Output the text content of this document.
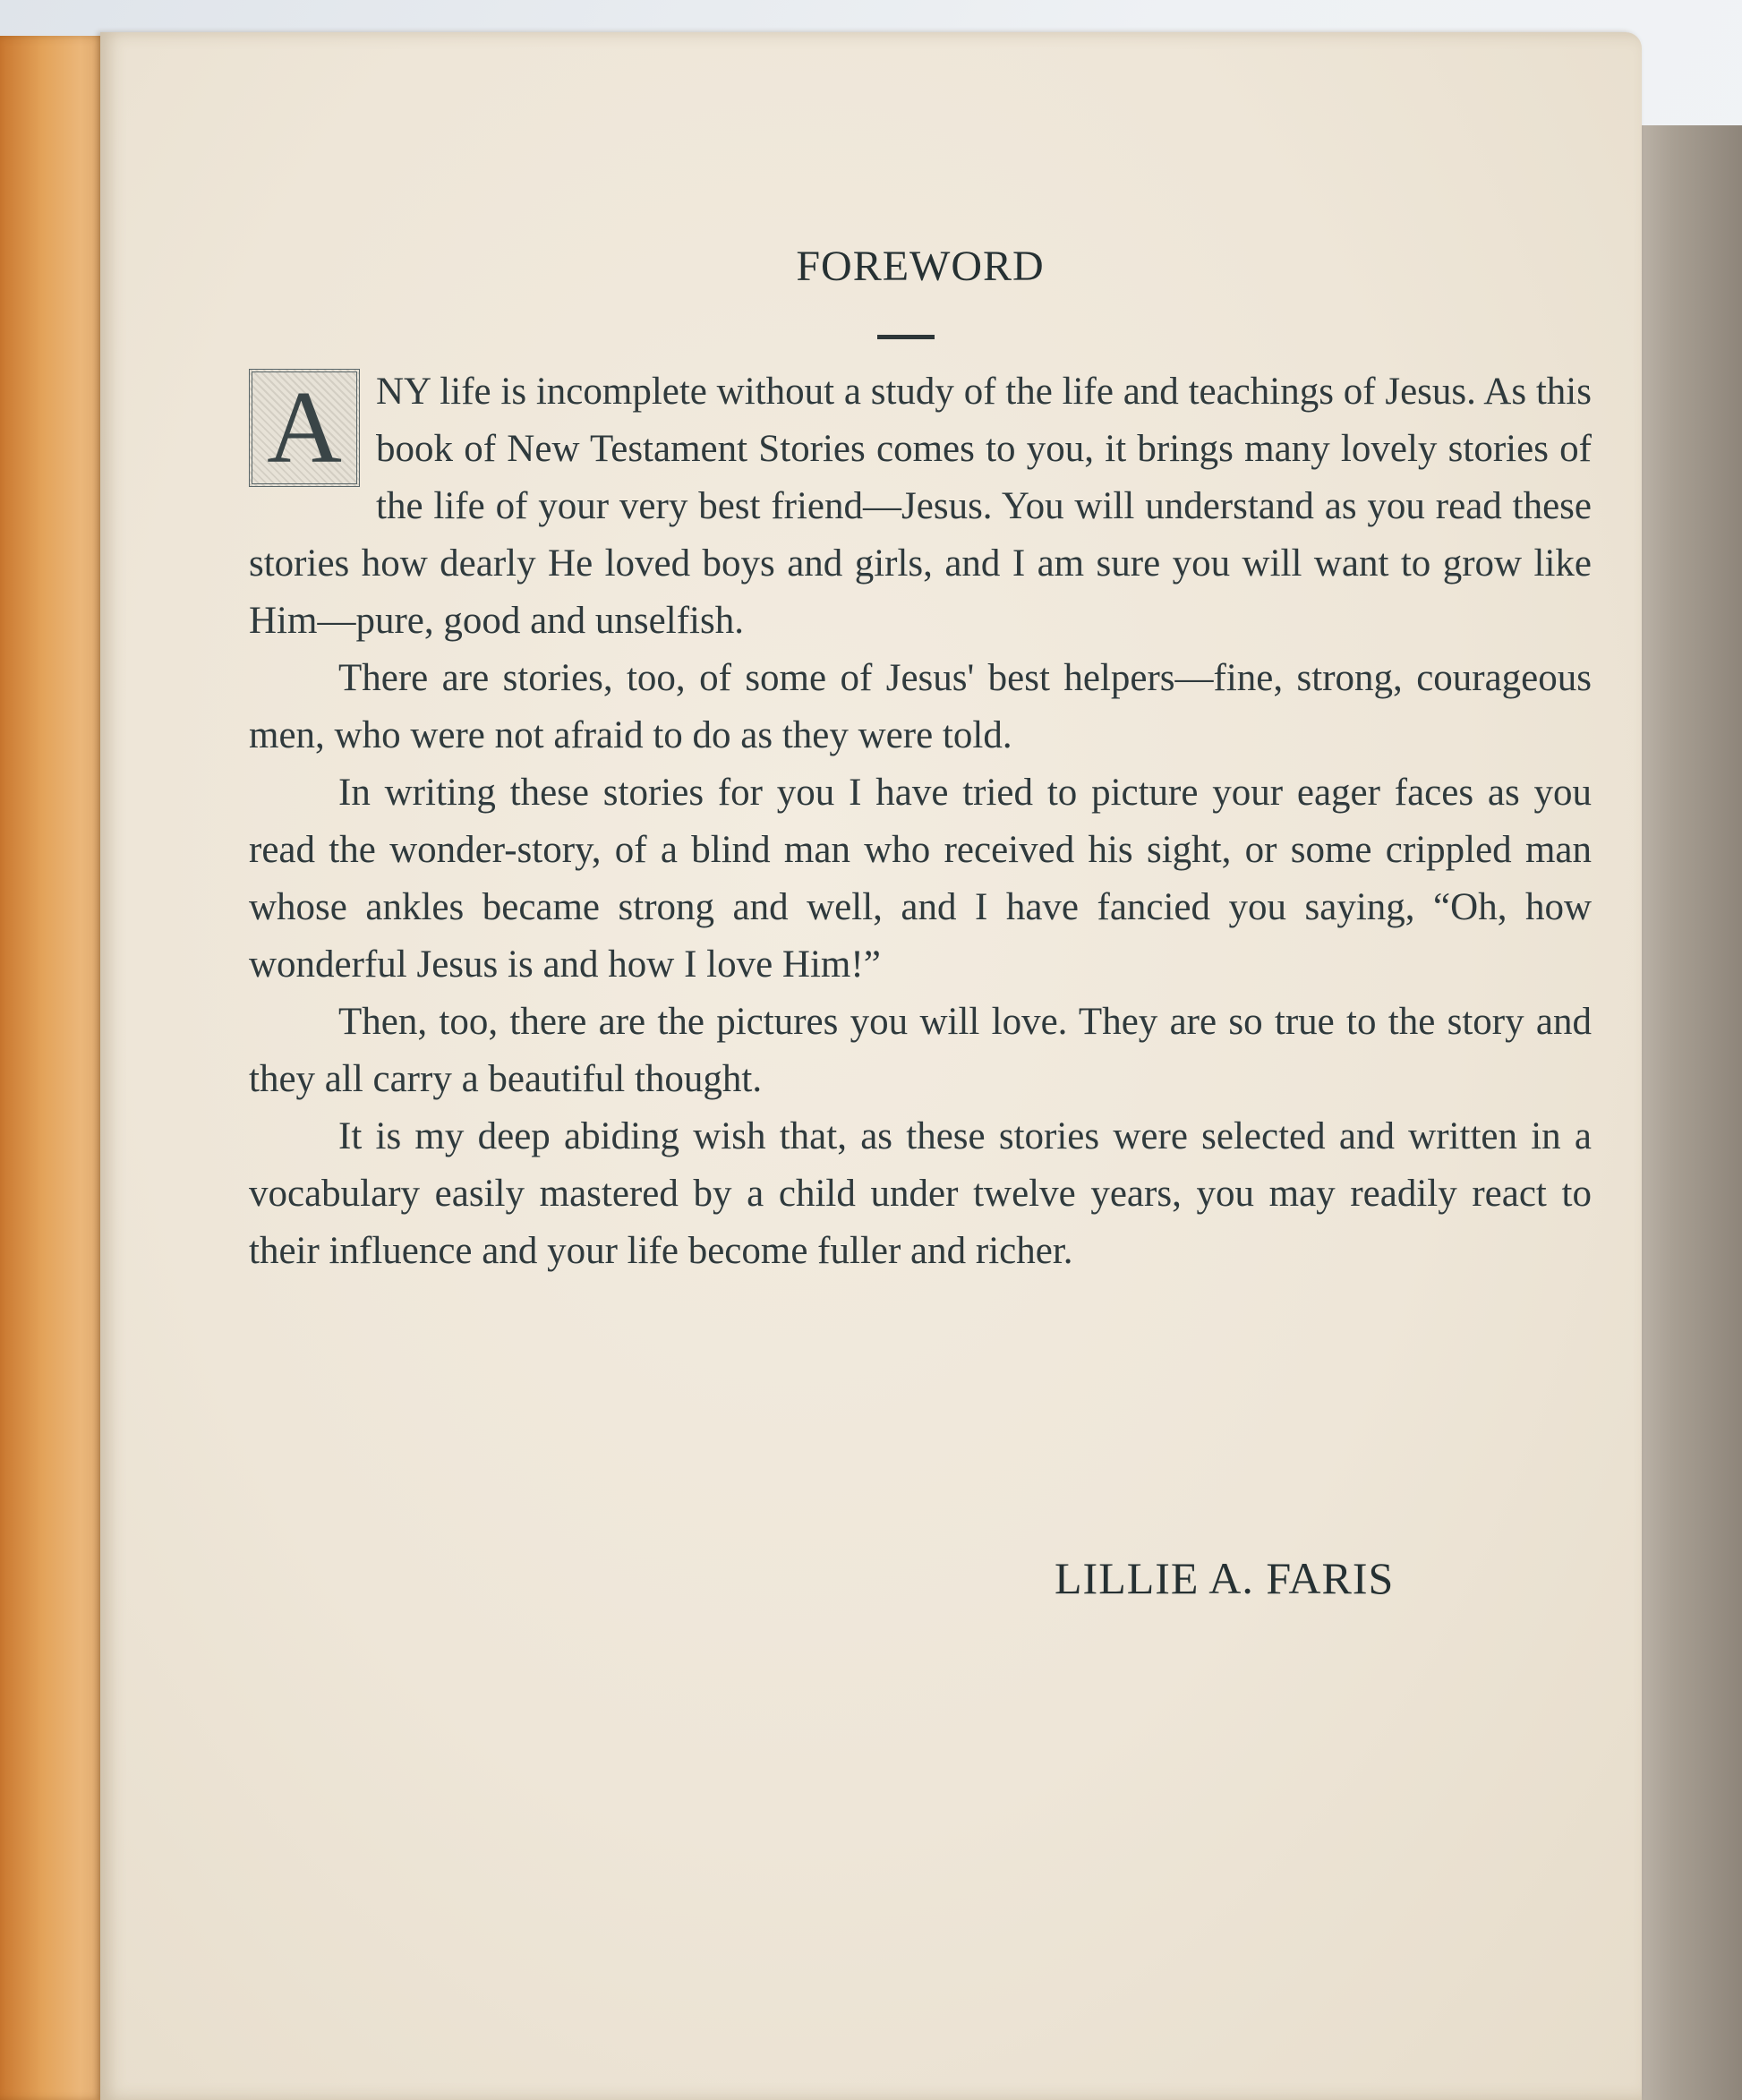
FOREWORD

A NY life is incomplete without a study of the life and teachings of Jesus. As this book of New Testament Stories comes to you, it brings many lovely stories of the life of your very best friend—Jesus. You will understand as you read these stories how dearly He loved boys and girls, and I am sure you will want to grow like Him—pure, good and unselfish.

There are stories, too, of some of Jesus' best helpers—fine, strong, courageous men, who were not afraid to do as they were told.

In writing these stories for you I have tried to picture your eager faces as you read the wonder-story, of a blind man who received his sight, or some crippled man whose ankles became strong and well, and I have fancied you saying, “Oh, how wonderful Jesus is and how I love Him!”

Then, too, there are the pictures you will love. They are so true to the story and they all carry a beautiful thought.

It is my deep abiding wish that, as these stories were selected and written in a vocabulary easily mastered by a child under twelve years, you may readily react to their influence and your life become fuller and richer.

LILLIE A. FARIS
